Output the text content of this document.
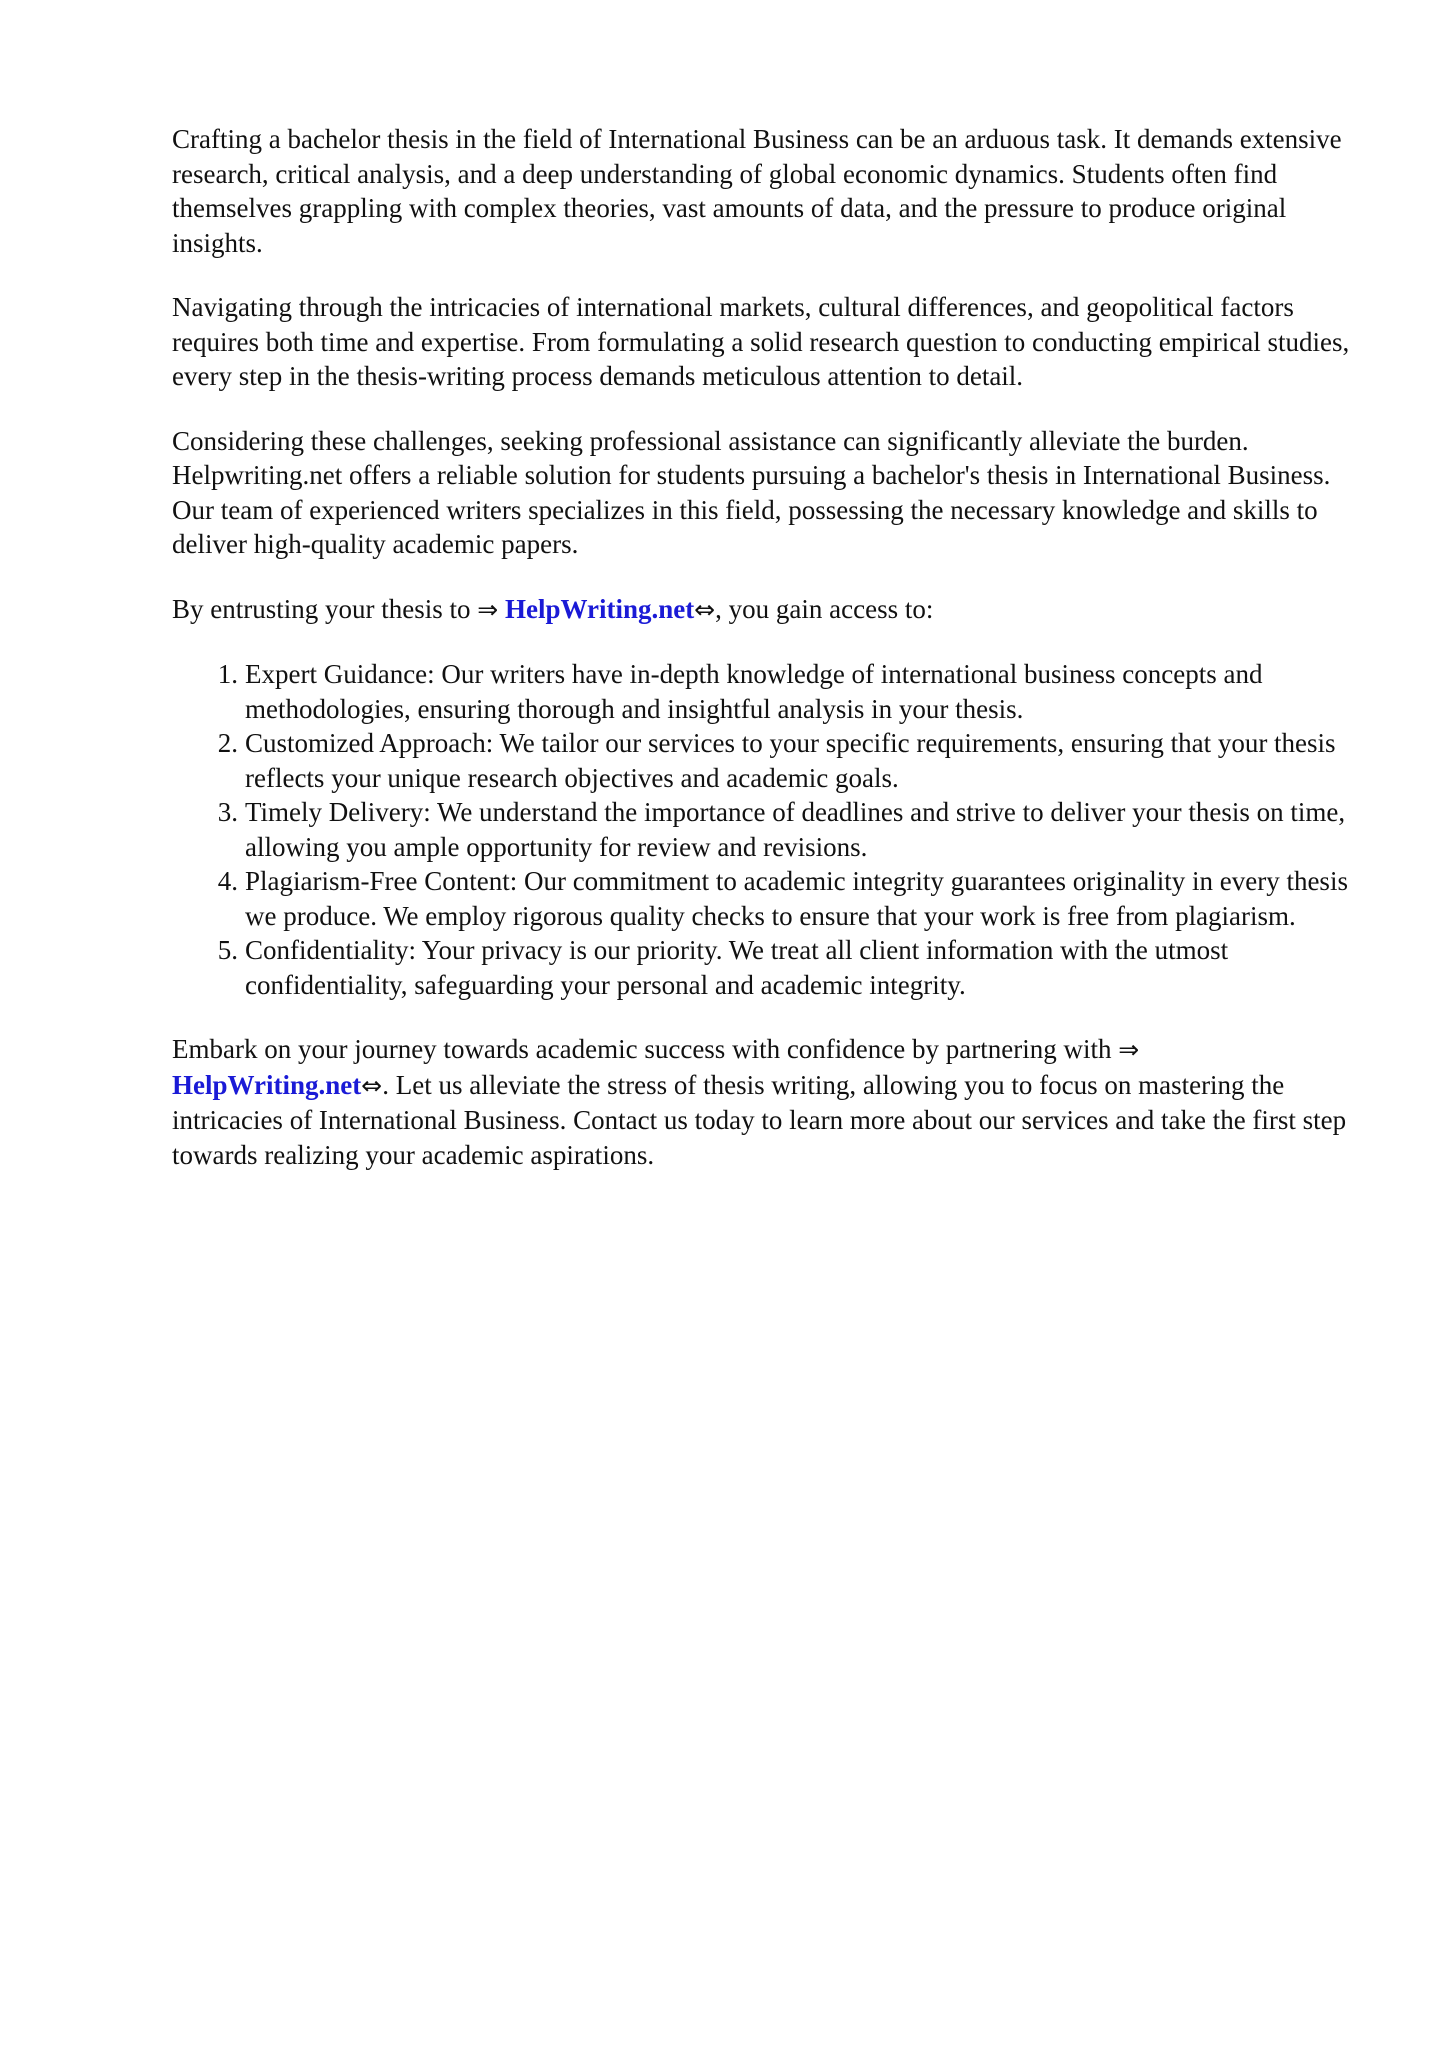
Crafting a bachelor thesis in the field of International Business can be an arduous task. It demands extensive research, critical analysis, and a deep understanding of global economic dynamics. Students often find themselves grappling with complex theories, vast amounts of data, and the pressure to produce original insights.

Navigating through the intricacies of international markets, cultural differences, and geopolitical factors requires both time and expertise. From formulating a solid research question to conducting empirical studies, every step in the thesis-writing process demands meticulous attention to detail.

Considering these challenges, seeking professional assistance can significantly alleviate the burden. Helpwriting.net offers a reliable solution for students pursuing a bachelor's thesis in International Business. Our team of experienced writers specializes in this field, possessing the necessary knowledge and skills to deliver high-quality academic papers.

By entrusting your thesis to ⇒ HelpWriting.net⇔, you gain access to:

1. Expert Guidance: Our writers have in-depth knowledge of international business concepts and methodologies, ensuring thorough and insightful analysis in your thesis.
2. Customized Approach: We tailor our services to your specific requirements, ensuring that your thesis reflects your unique research objectives and academic goals.
3. Timely Delivery: We understand the importance of deadlines and strive to deliver your thesis on time, allowing you ample opportunity for review and revisions.
4. Plagiarism-Free Content: Our commitment to academic integrity guarantees originality in every thesis we produce. We employ rigorous quality checks to ensure that your work is free from plagiarism.
5. Confidentiality: Your privacy is our priority. We treat all client information with the utmost confidentiality, safeguarding your personal and academic integrity.

Embark on your journey towards academic success with confidence by partnering with ⇒
HelpWriting.net⇔. Let us alleviate the stress of thesis writing, allowing you to focus on mastering the intricacies of International Business. Contact us today to learn more about our services and take the first step towards realizing your academic aspirations.
